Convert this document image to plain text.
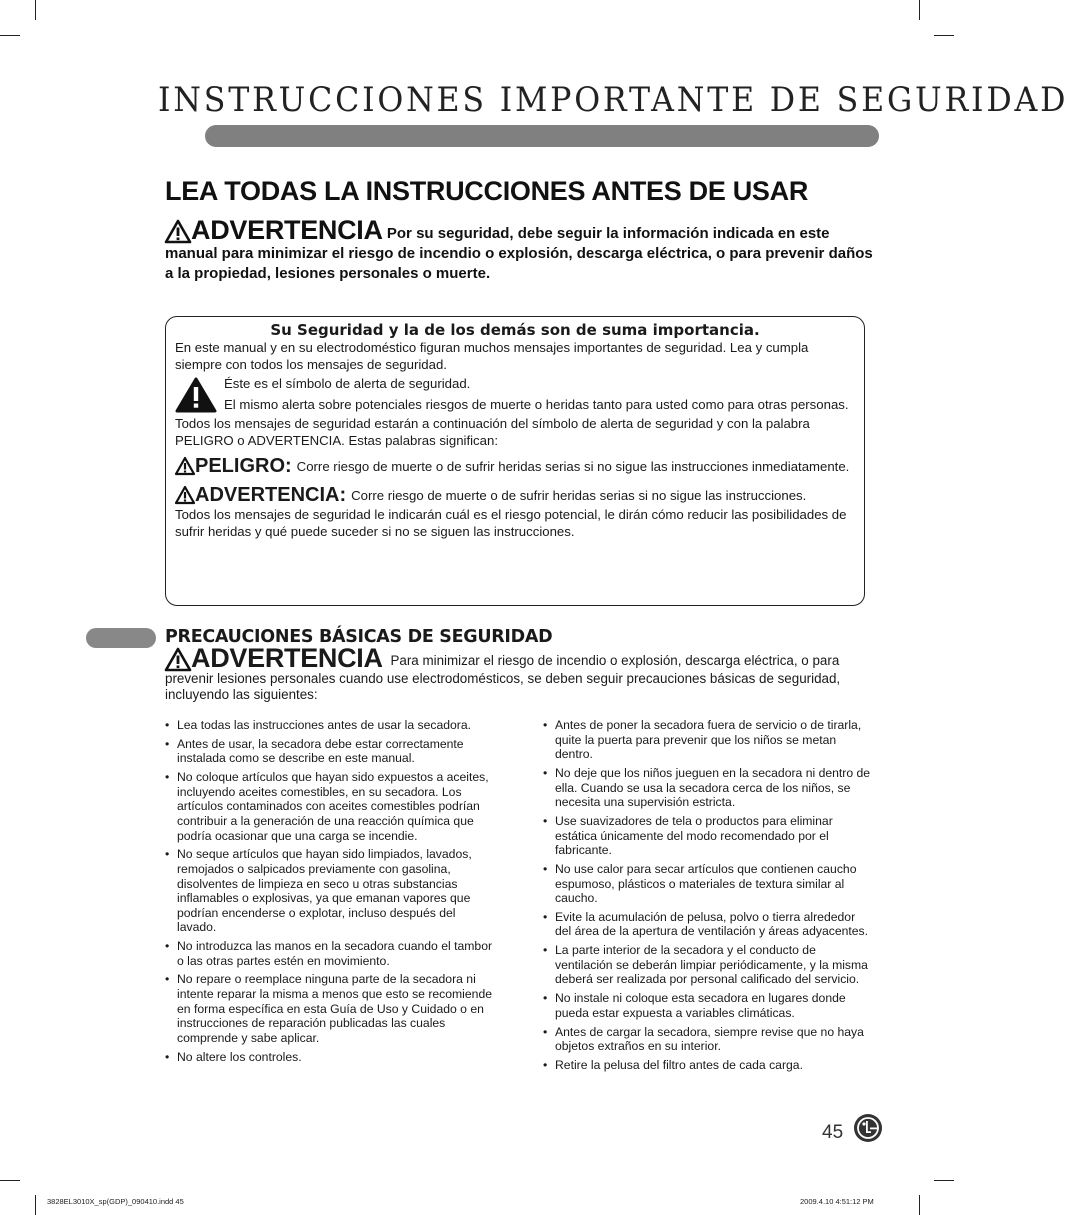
INSTRUCCIONES IMPORTANTE DE SEGURIDAD
LEA TODAS LA INSTRUCCIONES ANTES DE USAR
ADVERTENCIA Por su seguridad, debe seguir la información indicada en este manual para minimizar el riesgo de incendio o explosión, descarga eléctrica, o para prevenir daños a la propiedad, lesiones personales o muerte.
Su Seguridad y la de los demás son de suma importancia.

En este manual y en su electrodoméstico figuran muchos mensajes importantes de seguridad. Lea y cumpla siempre con todos los mensajes de seguridad.

Éste es el símbolo de alerta de seguridad.

El mismo alerta sobre potenciales riesgos de muerte o heridas tanto para usted como para otras personas.

Todos los mensajes de seguridad estarán a continuación del símbolo de alerta de seguridad y con la palabra PELIGRO o ADVERTENCIA. Estas palabras significan:

PELIGRO: Corre riesgo de muerte o de sufrir heridas serias si no sigue las instrucciones inmediatamente.
ADVERTENCIA: Corre riesgo de muerte o de sufrir heridas serias si no sigue las instrucciones.

Todos los mensajes de seguridad le indicarán cuál es el riesgo potencial, le dirán cómo reducir las posibilidades de sufrir heridas y qué puede suceder si no se siguen las instrucciones.

PRECAUCIONES BÁSICAS DE SEGURIDAD
ADVERTENCIA Para minimizar el riesgo de incendio o explosión, descarga eléctrica, o para prevenir lesiones personales cuando use electrodomésticos, se deben seguir precauciones básicas de seguridad, incluyendo las siguientes:
• Lea todas las instrucciones antes de usar la secadora.
• Antes de usar, la secadora debe estar correctamente instalada como se describe en este manual.
• No coloque artículos que hayan sido expuestos a aceites, incluyendo aceites comestibles, en su secadora. Los artículos contaminados con aceites comestibles podrían contribuir a la generación de una reacción química que podría ocasionar que una carga se incendie.
• No seque artículos que hayan sido limpiados, lavados, remojados o salpicados previamente con gasolina, disolventes de limpieza en seco u otras substancias inflamables o explosivas, ya que emanan vapores que podrían encenderse o explotar, incluso después del lavado.
• No introduzca las manos en la secadora cuando el tambor o las otras partes estén en movimiento.
• No repare o reemplace ninguna parte de la secadora ni intente reparar la misma a menos que esto se recomiende en forma específica en esta Guía de Uso y Cuidado o en instrucciones de reparación publicadas las cuales comprende y sabe aplicar.
• No altere los controles.
• Antes de poner la secadora fuera de servicio o de tirarla, quite la puerta para prevenir que los niños se metan dentro.
• No deje que los niños jueguen en la secadora ni dentro de ella. Cuando se usa la secadora cerca de los niños, se necesita una supervisión estricta.
• Use suavizadores de tela o productos para eliminar estática únicamente del modo recomendado por el fabricante.
• No use calor para secar artículos que contienen caucho espumoso, plásticos o materiales de textura similar al caucho.
• Evite la acumulación de pelusa, polvo o tierra alrededor del área de la apertura de ventilación y áreas adyacentes.
• La parte interior de la secadora y el conducto de ventilación se deberán limpiar periódicamente, y la misma deberá ser realizada por personal calificado del servicio.
• No instale ni coloque esta secadora en lugares donde pueda estar expuesta a variables climáticas.
• Antes de cargar la secadora, siempre revise que no haya objetos extraños en su interior.
• Retire la pelusa del filtro antes de cada carga.
45
3828EL3010X_sp(GDP)_090410.indd 45	2009.4.10 4:51:12 PM
